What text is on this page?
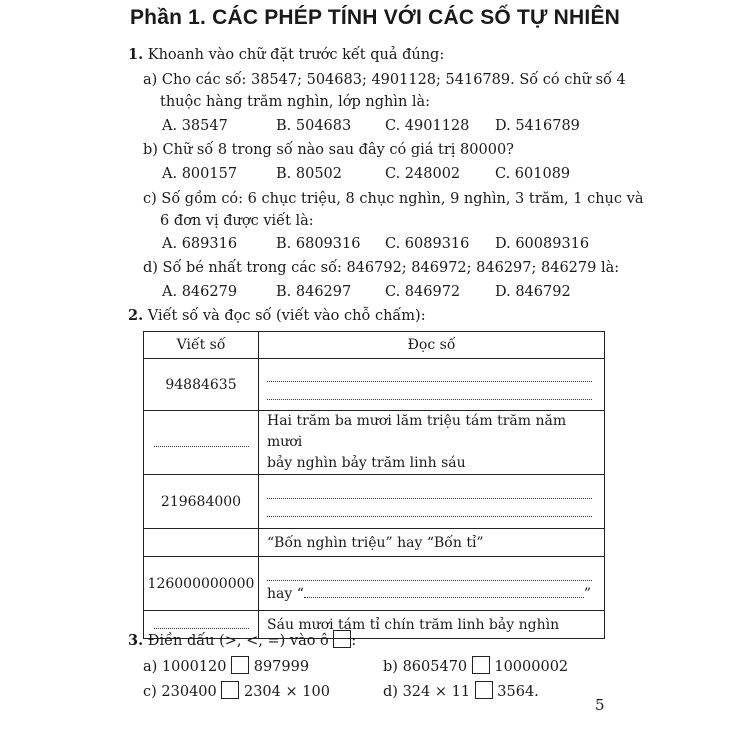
Phần 1. CÁC PHÉP TÍNH VỚI CÁC SỐ TỰ NHIÊN
1. Khoanh vào chữ đặt trước kết quả đúng:
a) Cho các số: 38547; 504683; 4901128; 5416789. Số có chữ số 4
thuộc hàng trăm nghìn, lớp nghìn là:
A. 38547	B. 504683 C. 4901128 D. 5416789
b) Chữ số 8 trong số nào sau đây có giá trị 80000?
A. 800157	B. 80502	C. 248002 C. 601089
c) Số gồm có: 6 chục triệu, 8 chục nghìn, 9 nghìn, 3 trăm, 1 chục và
6 đơn vị được viết là:
A. 689316	B. 6809316 C. 6089316 D. 60089316
d) Số bé nhất trong các số: 846792; 846972; 846297; 846279 là:
A. 846279	B. 846297 C. 846972 D. 846792
2. Viết số và đọc số (viết vào chỗ chấm):
Viết số	Đọc số
94884635	

	Hai trăm ba mươi lăm triệu tám trăm năm mươi
bảy nghìn bảy trăm linh sáu

219684000	

	“Bốn nghìn triệu” hay “Bốn tỉ”
126000000000	hay “ ”

	Sáu mươi tám tỉ chín trăm linh bảy nghìn
3. Điền dấu (>, <, =) vào ô :
a) 1000120 897999	b) 8605470 10000002
c) 230400 2304 × 100	d) 324 × 11 3564.
5
